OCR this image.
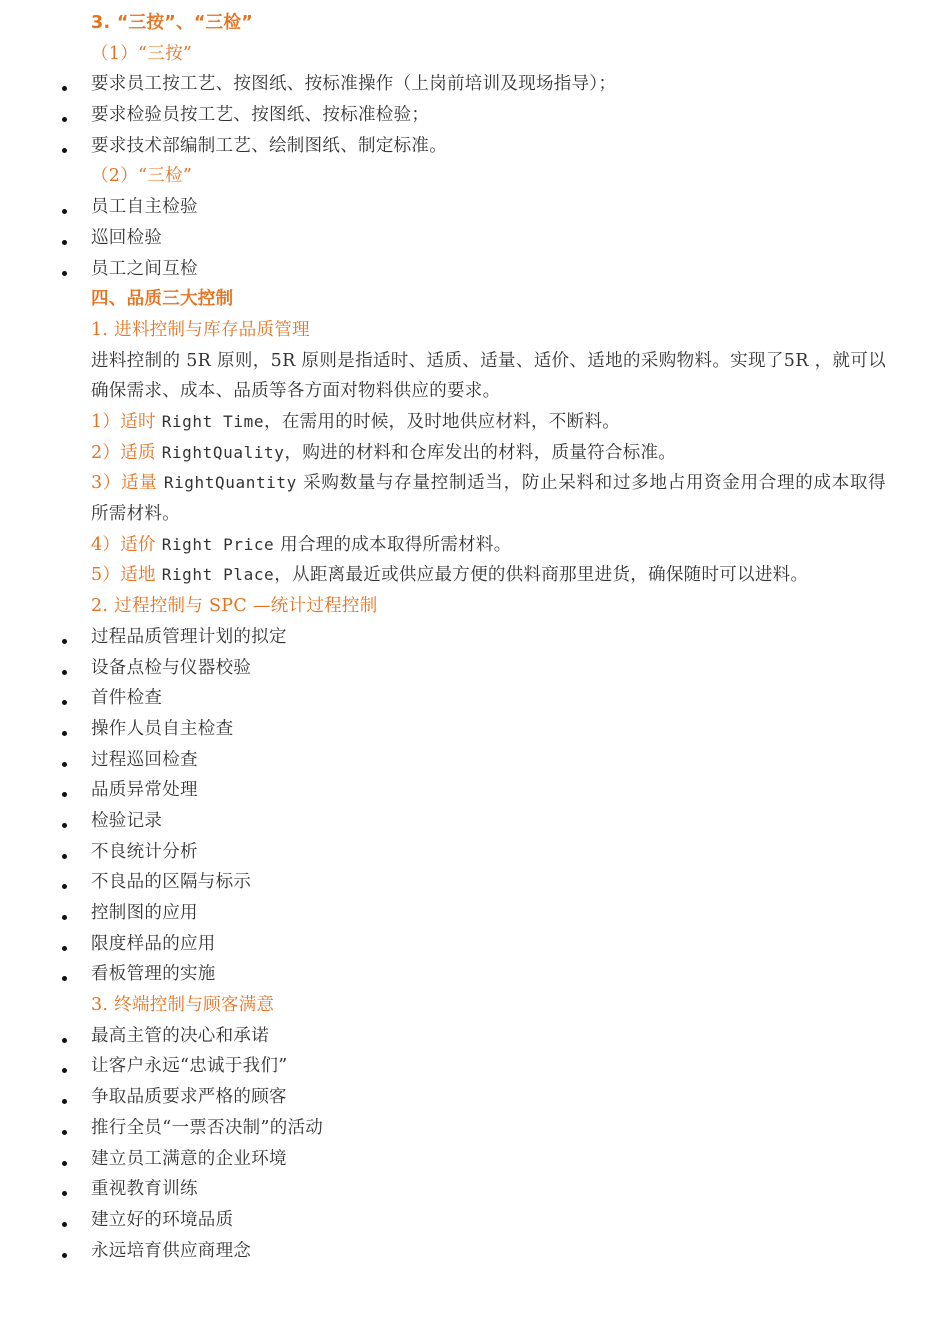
3. “三按”、“三检”
（1）“三按”
要求员工按工艺、按图纸、按标准操作（上岗前培训及现场指导）；
要求检验员按工艺、按图纸、按标准检验；
要求技术部编制工艺、绘制图纸、制定标准。
（2）“三检”
员工自主检验
巡回检验
员工之间互检
四、品质三大控制
1. 进料控制与库存品质管理
进料控制的 5R 原则，5R 原则是指适时、适质、适量、适价、适地的采购物料。实现了5R ，就可以确保需求、成本、品质等各方面对物料供应的要求。
1）适时 Right Time，在需用的时候，及时地供应材料，不断料。
2）适质 RightQuality，购进的材料和仓库发出的材料，质量符合标准。
3）适量 RightQuantity 采购数量与存量控制适当，防止呆料和过多地占用资金用合理的成本取得所需材料。
4）适价 Right Price 用合理的成本取得所需材料。
5）适地 Right Place，从距离最近或供应最方便的供料商那里进货，确保随时可以进料。
2. 过程控制与 SPC —统计过程控制
过程品质管理计划的拟定
设备点检与仪器校验
首件检查
操作人员自主检查
过程巡回检查
品质异常处理
检验记录
不良统计分析
不良品的区隔与标示
控制图的应用
限度样品的应用
看板管理的实施
3. 终端控制与顾客满意
最高主管的决心和承诺
让客户永远“忠诚于我们”
争取品质要求严格的顾客
推行全员“一票否决制”的活动
建立员工满意的企业环境
重视教育训练
建立好的环境品质
永远培育供应商理念
